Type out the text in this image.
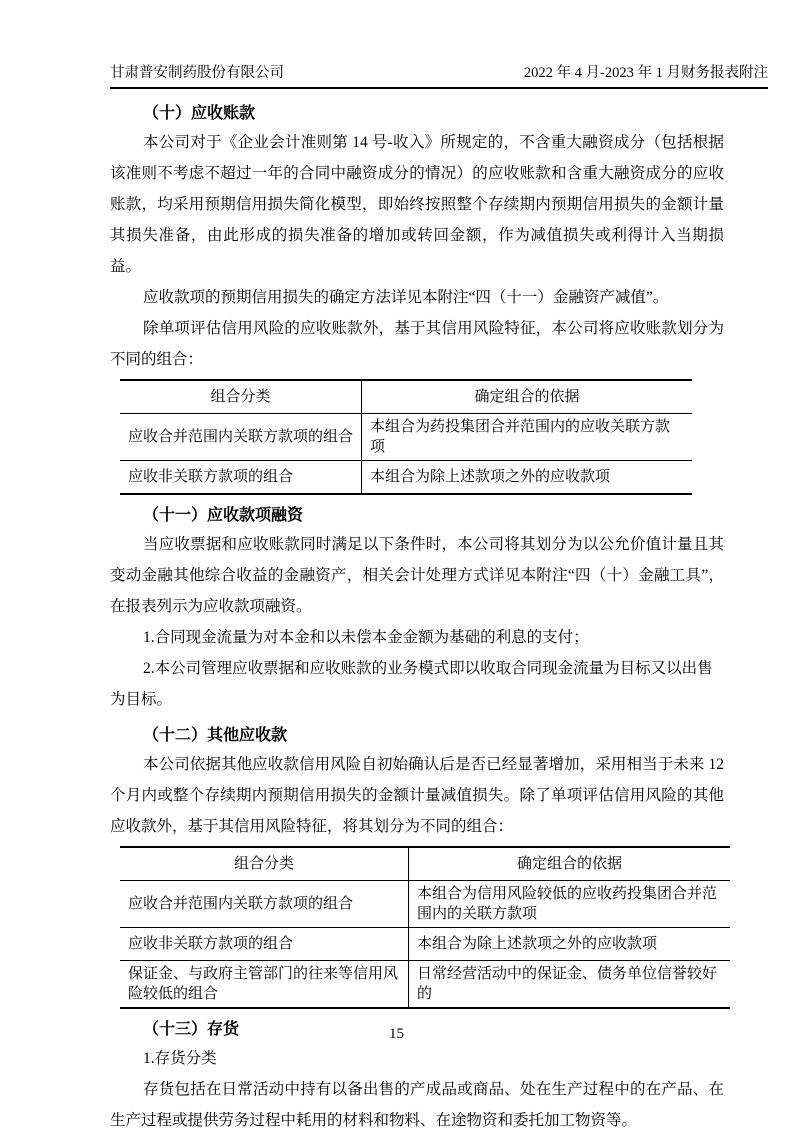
甘肃普安制药股份有限公司	2022 年 4 月-2023 年 1 月财务报表附注
（十）应收账款

本公司对于《企业会计准则第 14 号-收入》所规定的，不含重大融资成分（包括根据该准则不考虑不超过一年的合同中融资成分的情况）的应收账款和含重大融资成分的应收账款，均采用预期信用损失简化模型，即始终按照整个存续期内预期信用损失的金额计量其损失准备，由此形成的损失准备的增加或转回金额，作为减值损失或利得计入当期损益。

应收款项的预期信用损失的确定方法详见本附注“四（十一）金融资产减值”。

除单项评估信用风险的应收账款外，基于其信用风险特征，本公司将应收账款划分为不同的组合：

组合分类	确定组合的依据
应收合并范围内关联方款项的组合	本组合为药投集团合并范围内的应收关联方款项
应收非关联方款项的组合	本组合为除上述款项之外的应收款项
（十一）应收款项融资

当应收票据和应收账款同时满足以下条件时，本公司将其划分为以公允价值计量且其变动金融其他综合收益的金融资产，相关会计处理方式详见本附注“四（十）金融工具”，在报表列示为应收款项融资。

1.合同现金流量为对本金和以未偿本金金额为基础的利息的支付；

2.本公司管理应收票据和应收账款的业务模式即以收取合同现金流量为目标又以出售为目标。

（十二）其他应收款

本公司依据其他应收款信用风险自初始确认后是否已经显著增加，采用相当于未来 12 个月内或整个存续期内预期信用损失的金额计量减值损失。除了单项评估信用风险的其他应收款外，基于其信用风险特征，将其划分为不同的组合：

组合分类	确定组合的依据
应收合并范围内关联方款项的组合	本组合为信用风险较低的应收药投集团合并范围内的关联方款项
应收非关联方款项的组合	本组合为除上述款项之外的应收款项
保证金、与政府主管部门的往来等信用风险较低的组合	日常经营活动中的保证金、债务单位信誉较好的
（十三）存货

1.存货分类

存货包括在日常活动中持有以备出售的产成品或商品、处在生产过程中的在产品、在生产过程或提供劳务过程中耗用的材料和物料、在途物资和委托加工物资等。

15
